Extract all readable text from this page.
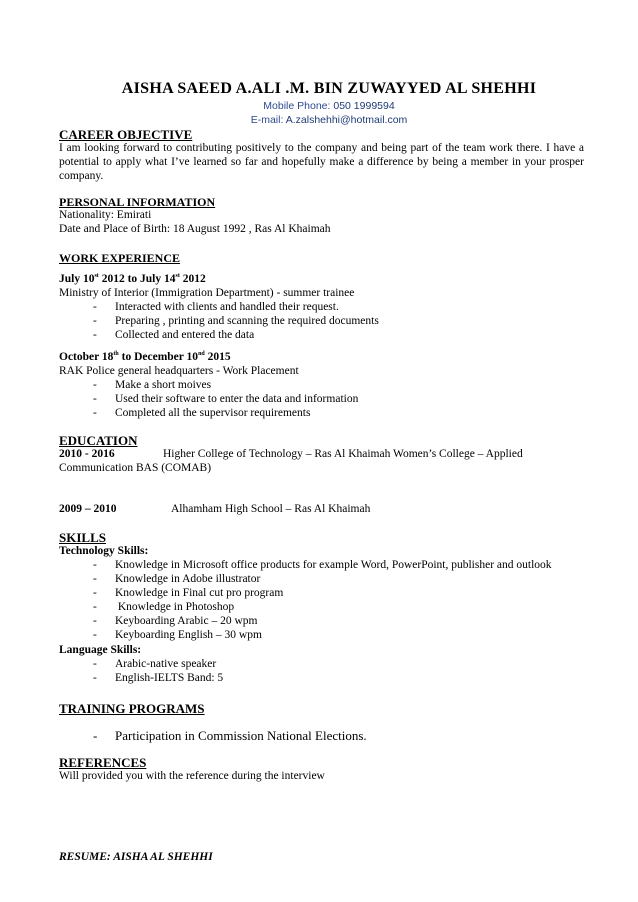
AISHA SAEED A.ALI .M. BIN ZUWAYYED AL SHEHHI
Mobile Phone: 050 1999594
E-mail: A.zalshehhi@hotmail.com
CAREER OBJECTIVE
I am looking forward to contributing positively to the company and being part of the team work there. I have a potential to apply what I’ve learned so far and hopefully make a difference by being a member in your prosper company.
PERSONAL INFORMATION
Nationality: Emirati
Date and Place of Birth: 18 August 1992 , Ras Al Khaimah
WORK EXPERIENCE
July 10st 2012 to July 14st 2012
Ministry of Interior (Immigration Department) - summer trainee
- Interacted with clients and handled their request.
- Preparing , printing and scanning the required documents
- Collected and entered the data
October 18th to December 10nd 2015
RAK Police general headquarters - Work Placement
- Make a short moives
- Used their software to enter the data and information
- Completed all the supervisor requirements
EDUCATION
2010 - 2016	Higher College of Technology – Ras Al Khaimah Women’s College – Applied
Communication BAS (COMAB)
2009 – 2010	Alhamham High School – Ras Al Khaimah
SKILLS
Technology Skills:
- Knowledge in Microsoft office products for example Word, PowerPoint, publisher and outlook
- Knowledge in Adobe illustrator
- Knowledge in Final cut pro program
- Knowledge in Photoshop
- Keyboarding Arabic – 20 wpm
- Keyboarding English – 30 wpm
Language Skills:
- Arabic-native speaker
- English-IELTS Band: 5
TRAINING PROGRAMS
- Participation in Commission National Elections.
REFERENCES
Will provided you with the reference during the interview
RESUME: AISHA AL SHEHHI
